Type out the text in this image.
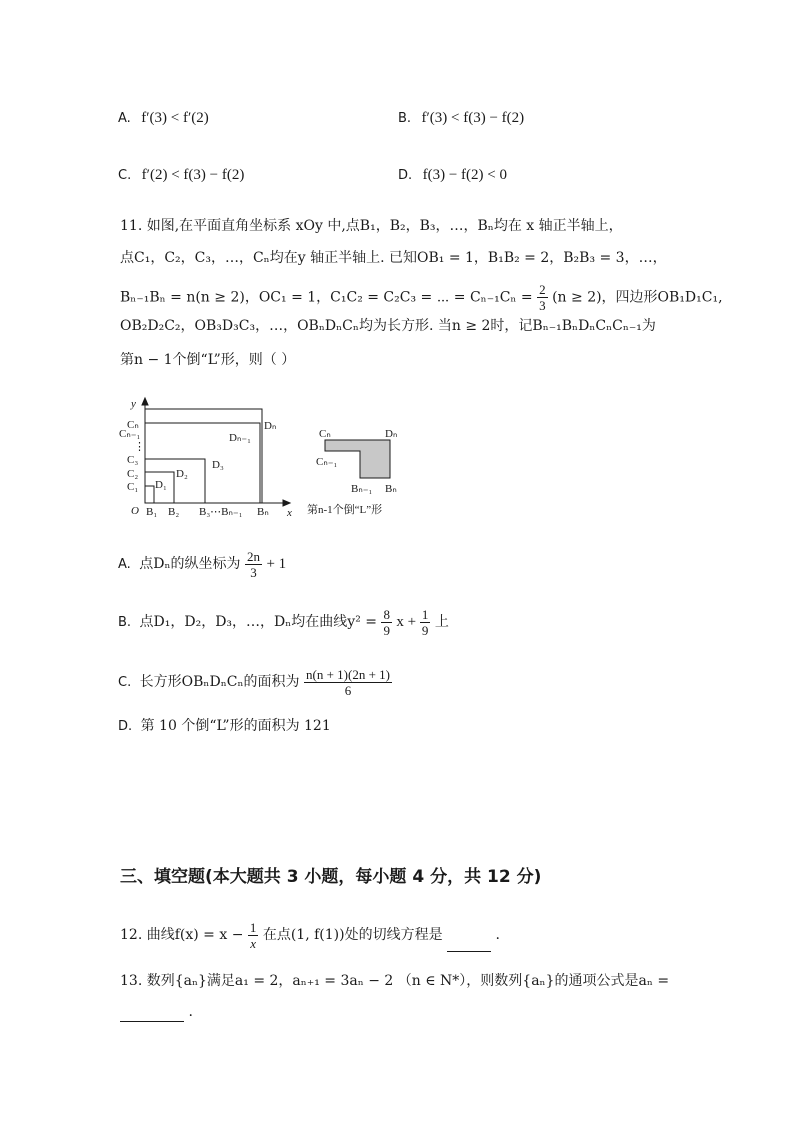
A. f′(3) < f′(2)	B. f′(3) < f(3) − f(2)
C. f′(2) < f(3) − f(2)	D. f(3) − f(2) < 0
11. 如图,在平面直角坐标系 xOy 中,点B₁，B₂，B₃，…，Bₙ均在 x 轴正半轴上，
点C₁，C₂，C₃，…，Cₙ均在y 轴正半轴上. 已知OB₁ = 1，B₁B₂ = 2，B₂B₃ = 3，…，
Bₙ₋₁Bₙ = n(n ≥ 2)，OC₁ = 1，C₁C₂ = C₂C₃ = ⋯ = $C_{n-1}C_n = \frac{2}{3} (n \ge 2)$，四边形OB₁D₁C₁,
OB₂D₂C₂，OB₃D₃C₃，…，OBₙDₙCₙ均为长方形. 当n ≥ 2时，记Bₙ₋₁BₙDₙCₙCₙ₋₁为
第n − 1个倒“L”形，则（ ）
y
x
O
Cₙ
Cₙ₋₁
⋮
C₃
C₂
C₁
B₁ B₂ B₃⋯Bₙ₋₁ Bₙ
D₁
D₂
D₃
Dₙ₋₁
Dₙ
Cₙ	Dₙ
Cₙ₋₁
Bₙ₋₁ Bₙ
第n-1个倒“L”形
A. 点Dₙ的纵坐标为 $\frac{2n}{3} + 1$
B. 点D₁，D₂，D₃，…，Dₙ均在曲线$y^2 = \frac{8}{9}$ $x + \frac{1}{9}$ 上
C. 长方形OBₙDₙCₙ的面积为 $\frac{n(n + 1)(2n + 1)}{6}$
D. 第 10 个倒“L”形的面积为 121
三、填空题(本大题共 3 小题，每小题 4 分，共 12 分)
12. 曲线$f(x) = x - \frac{1}{x}$ 在点(1, f(1))处的切线方程是	.
13. 数列{aₙ}满足a₁ = 2，aₙ₊₁ = 3aₙ − 2 （n ∈ N*），则数列{aₙ}的通项公式是aₙ =
.
